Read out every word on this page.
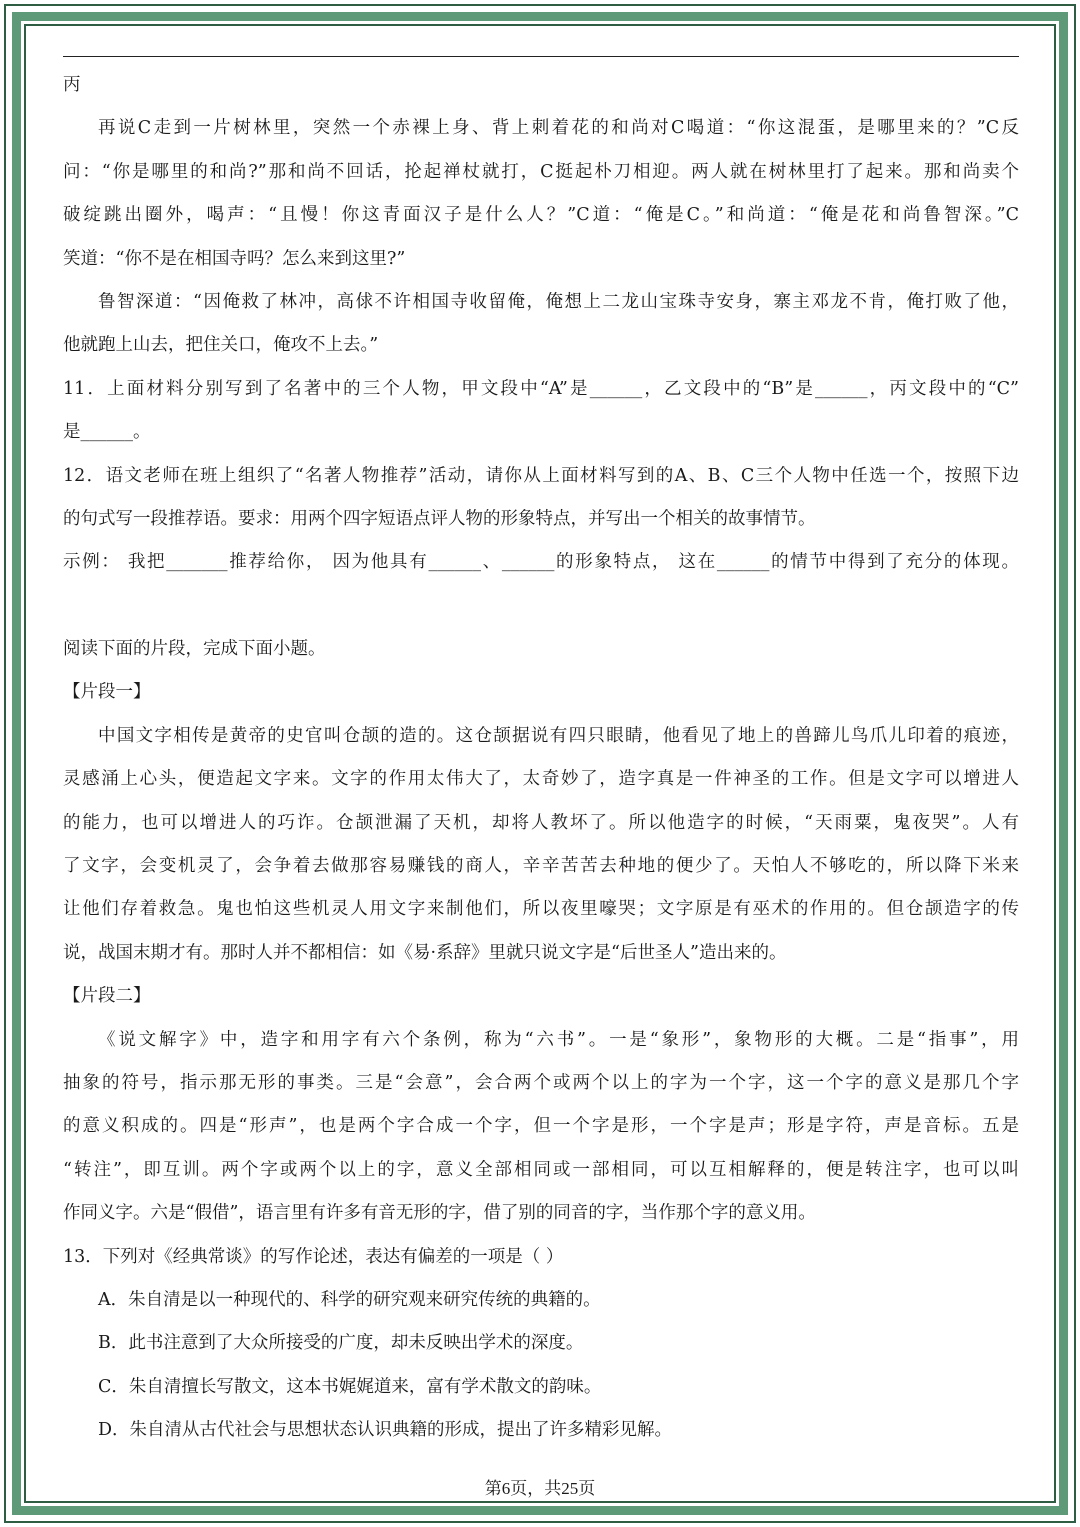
丙
再说C走到一片树林里，突然一个赤裸上身、背上刺着花的和尚对C喝道：“你这混蛋，是哪里来的？”C反
问：“你是哪里的和尚?”那和尚不回话，抡起禅杖就打，C挺起朴刀相迎。两人就在树林里打了起来。那和尚卖个
破绽跳出圈外，喝声：“且慢！你这青面汉子是什么人？”C道：“俺是C。”和尚道：“俺是花和尚鲁智深。”C
笑道：“你不是在相国寺吗？怎么来到这里?”
鲁智深道：“因俺救了林冲，高俅不许相国寺收留俺，俺想上二龙山宝珠寺安身，寨主邓龙不肯，俺打败了他，
他就跑上山去，把住关口，俺攻不上去。”
11．上面材料分别写到了名著中的三个人物，甲文段中“A”是______，乙文段中的“B”是______，丙文段中的“C”
是______。
12．语文老师在班上组织了“名著人物推荐”活动，请你从上面材料写到的A、B、C三个人物中任选一个，按照下边
的句式写一段推荐语。要求：用两个四字短语点评人物的形象特点，并写出一个相关的故事情节。
示例： 我把_______推荐给你， 因为他具有______、______的形象特点， 这在______的情节中得到了充分的体现。
阅读下面的片段，完成下面小题。
【片段一】
中国文字相传是黄帝的史官叫仓颉的造的。这仓颉据说有四只眼睛，他看见了地上的兽蹄儿鸟爪儿印着的痕迹，
灵感涌上心头，便造起文字来。文字的作用太伟大了，太奇妙了，造字真是一件神圣的工作。但是文字可以增进人
的能力，也可以增进人的巧诈。仓颉泄漏了天机，却将人教坏了。所以他造字的时候，“天雨粟，鬼夜哭”。人有
了文字，会变机灵了，会争着去做那容易赚钱的商人，辛辛苦苦去种地的便少了。天怕人不够吃的，所以降下米来
让他们存着救急。鬼也怕这些机灵人用文字来制他们，所以夜里嚎哭；文字原是有巫术的作用的。但仓颉造字的传
说，战国末期才有。那时人并不都相信：如《易·系辞》里就只说文字是“后世圣人”造出来的。
【片段二】
《说文解字》中，造字和用字有六个条例，称为“六书”。一是“象形”，象物形的大概。二是“指事”，用
抽象的符号，指示那无形的事类。三是“会意”，会合两个或两个以上的字为一个字，这一个字的意义是那几个字
的意义积成的。四是“形声”，也是两个字合成一个字，但一个字是形，一个字是声；形是字符，声是音标。五是
“转注”，即互训。两个字或两个以上的字，意义全部相同或一部相同，可以互相解释的，便是转注字，也可以叫
作同义字。六是“假借”，语言里有许多有音无形的字，借了别的同音的字，当作那个字的意义用。
13．下列对《经典常谈》的写作论述，表达有偏差的一项是（ ）
A．朱自清是以一种现代的、科学的研究观来研究传统的典籍的。
B．此书注意到了大众所接受的广度，却未反映出学术的深度。
C．朱自清擅长写散文，这本书娓娓道来，富有学术散文的韵味。
D．朱自清从古代社会与思想状态认识典籍的形成，提出了许多精彩见解。
第6页，共25页
